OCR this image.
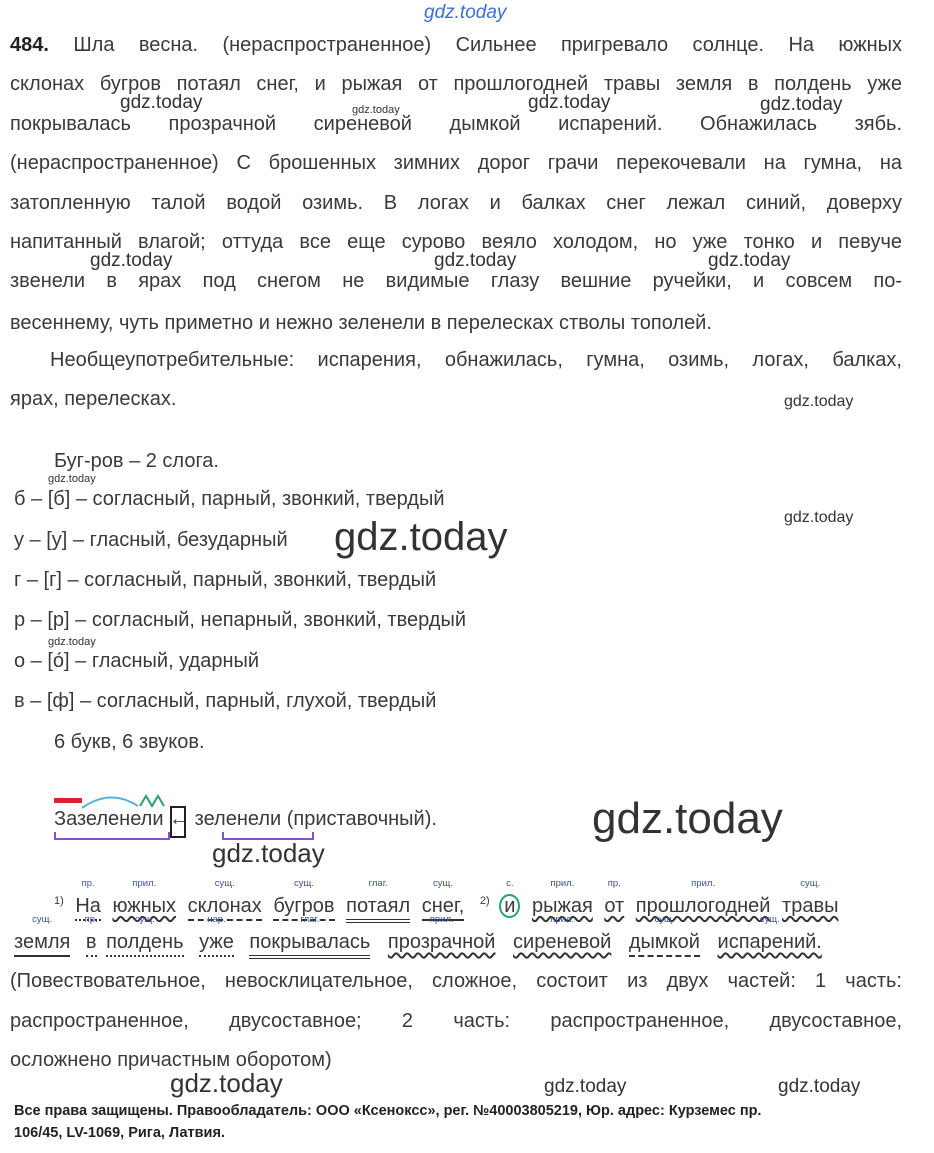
gdz.today
484. Шла весна. (нераспространенное) Сильнее пригревало солнце. На южных
склонах бугров потаял снег, и рыжая от прошлогодней травы земля в полдень уже
покрывалась прозрачной сиреневой дымкой испарений. Обнажилась зябь.
(нераспространенное) С брошенных зимних дорог грачи перекочевали на гумна, на
затопленную талой водой озимь. В логах и балках снег лежал синий, доверху
напитанный влагой; оттуда все еще сурово веяло холодом, но уже тонко и певуче
звенели в ярах под снегом не видимые глазу вешние ручейки, и совсем по-
весеннему, чуть приметно и нежно зеленели в перелесках стволы тополей.
Необщеупотребительные: испарения, обнажилась, гумна, озимь, логах, балках,
ярах, перелесках.
Буг-ров – 2 слога.
б – [б] – согласный, парный, звонкий, твердый
у – [у] – гласный, безударный
г – [г] – согласный, парный, звонкий, твердый
р – [р] – согласный, непарный, звонкий, твердый
о – [о́] – гласный, ударный
в – [ф] – согласный, парный, глухой, твердый
6 букв, 6 звуков.
Зазеленели ← зеленели (приставочный).
$^{1)}$
пр.
На
прил.
южных
сущ.
склонах
сущ.
бугров
глаг.
потаял
сущ.
снег, $^{2)}$
с.
и
прил.
рыжая
пр.
от
прил.
прошлогодней
сущ.
травы
сущ.
земля
пр.
в
сущ.
полдень
нар.
уже
глаг.
покрывалась
прил.
прозрачной
прил.
сиреневой
сущ.
дымкой
сущ.
испарений.
(Повествовательное, невосклицательное, сложное, состоит из двух частей: 1 часть:
распространенное, двусоставное; 2 часть: распространенное, двусоставное,
осложнено причастным оборотом)
gdz.today	gdz.today	gdz.today	gdz.today
gdz.today	gdz.today	gdz.today
gdz.today
gdz.today
gdz.today
gdz.today
gdz.today
gdz.today
gdz.today
gdz.today	gdz.today	gdz.today
Все права защищены. Правообладатель: ООО «Ксеноксс», рег. №40003805219, Юр. адрес: Курземес пр.
106/45, LV-1069, Рига, Латвия.
